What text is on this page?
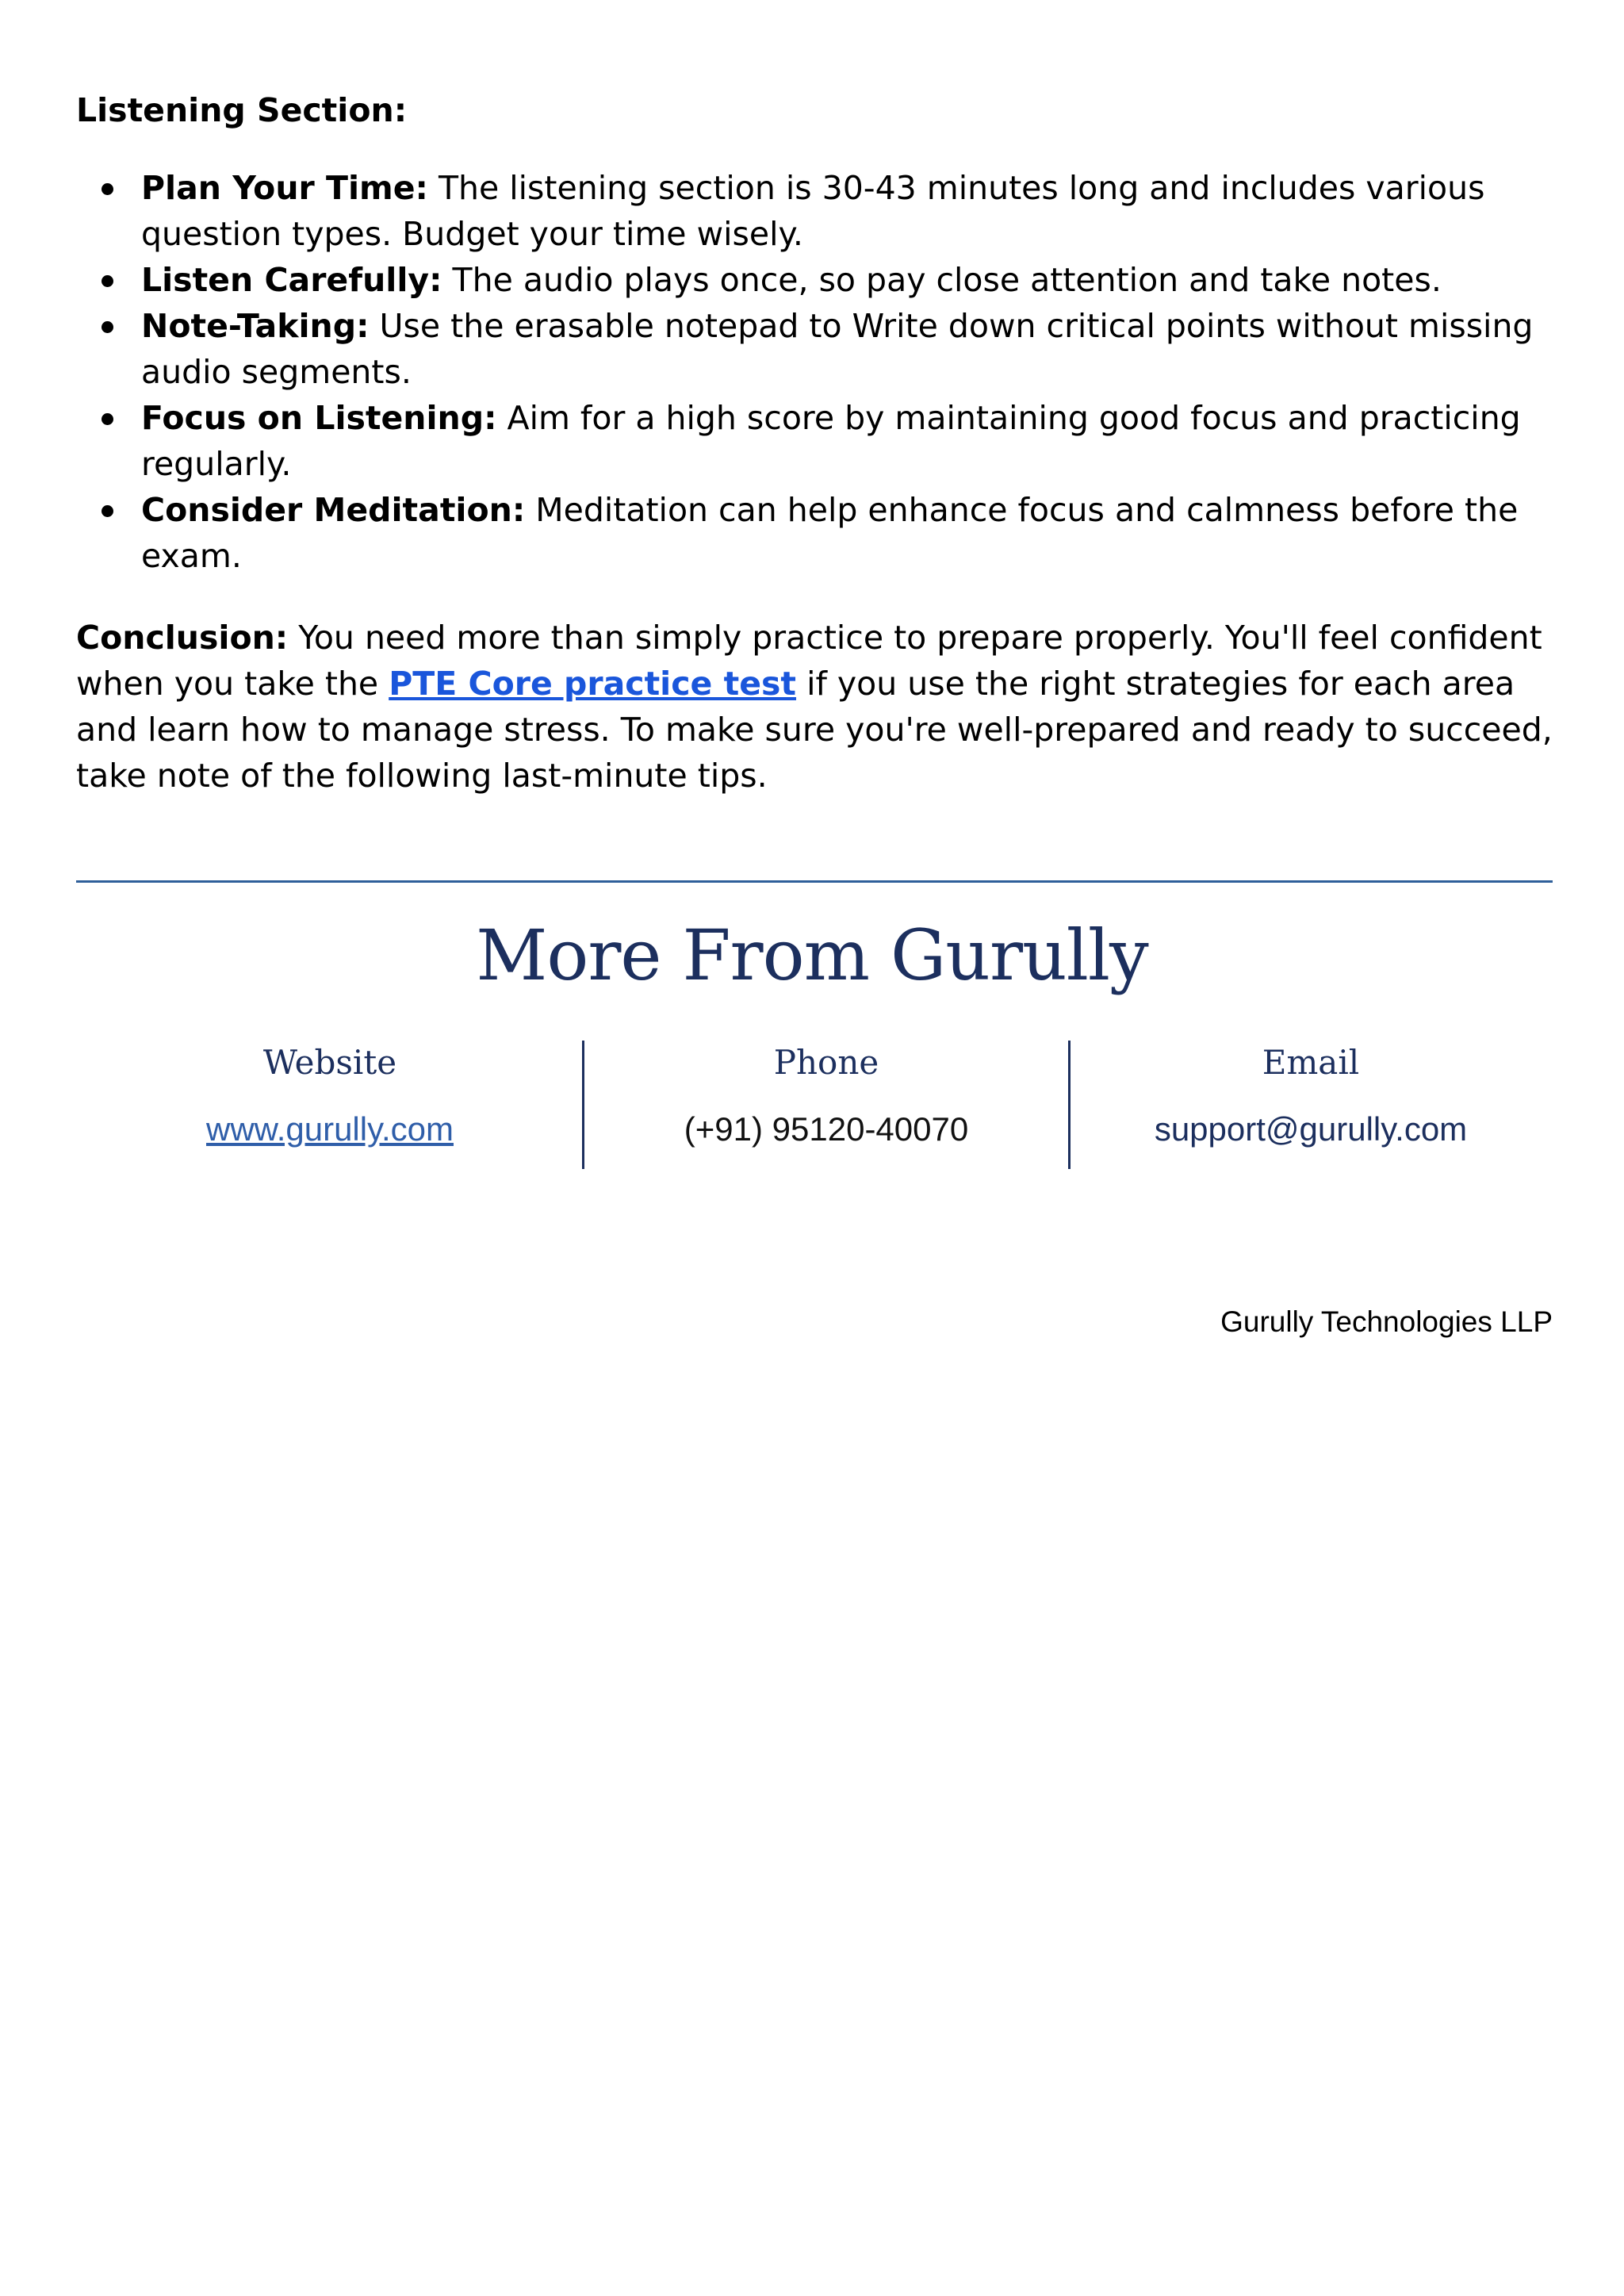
Listening Section:
Plan Your Time: The listening section is 30-43 minutes long and includes various question types. Budget your time wisely.
Listen Carefully: The audio plays once, so pay close attention and take notes.
Note-Taking: Use the erasable notepad to Write down critical points without missing audio segments.
Focus on Listening: Aim for a high score by maintaining good focus and practicing regularly.
Consider Meditation: Meditation can help enhance focus and calmness before the exam.

Conclusion: You need more than simply practice to prepare properly. You'll feel confident when you take the PTE Core practice test if you use the right strategies for each area and learn how to manage stress. To make sure you're well-prepared and ready to succeed, take note of the following last-minute tips.

More From Gurully
Website
www.gurully.com
Phone
(+91) 95120-40070
Email
support@gurully.com
Gurully Technologies LLP
